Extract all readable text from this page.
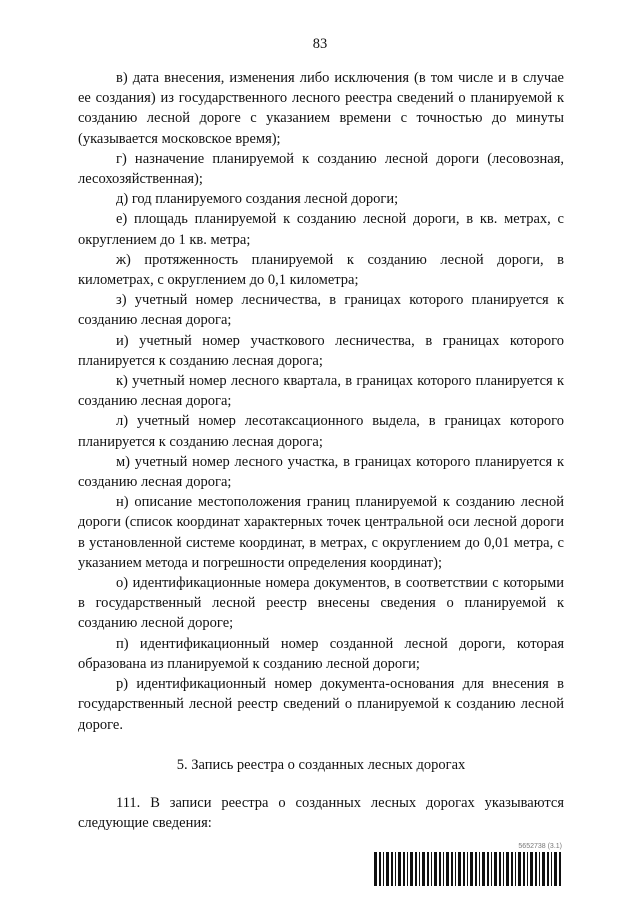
83

в) дата внесения, изменения либо исключения (в том числе и в случае ее создания) из государственного лесного реестра сведений о планируемой к созданию лесной дороге с указанием времени с точностью до минуты (указывается московское время);

г) назначение планируемой к созданию лесной дороги (лесовозная, лесохозяйственная);

д) год планируемого создания лесной дороги;

е) площадь планируемой к созданию лесной дороги, в кв. метрах, с округлением до 1 кв. метра;

ж) протяженность планируемой к созданию лесной дороги, в километрах, с округлением до 0,1 километра;

з) учетный номер лесничества, в границах которого планируется к созданию лесная дорога;

и) учетный номер участкового лесничества, в границах которого планируется к созданию лесная дорога;

к) учетный номер лесного квартала, в границах которого планируется к созданию лесная дорога;

л) учетный номер лесотаксационного выдела, в границах которого планируется к созданию лесная дорога;

м) учетный номер лесного участка, в границах которого планируется к созданию лесная дорога;

н) описание местоположения границ планируемой к созданию лесной дороги (список координат характерных точек центральной оси лесной дороги в установленной системе координат, в метрах, с округлением до 0,01 метра, с указанием метода и погрешности определения координат);

о) идентификационные номера документов, в соответствии с которыми в государственный лесной реестр внесены сведения о планируемой к созданию лесной дороге;

п) идентификационный номер созданной лесной дороги, которая образована из планируемой к созданию лесной дороги;

р) идентификационный номер документа-основания для внесения в государственный лесной реестр сведений о планируемой к созданию лесной дороге.

5. Запись реестра о созданных лесных дорогах

111. В записи реестра о созданных лесных дорогах указываются следующие сведения:

5652738 (3.1)
